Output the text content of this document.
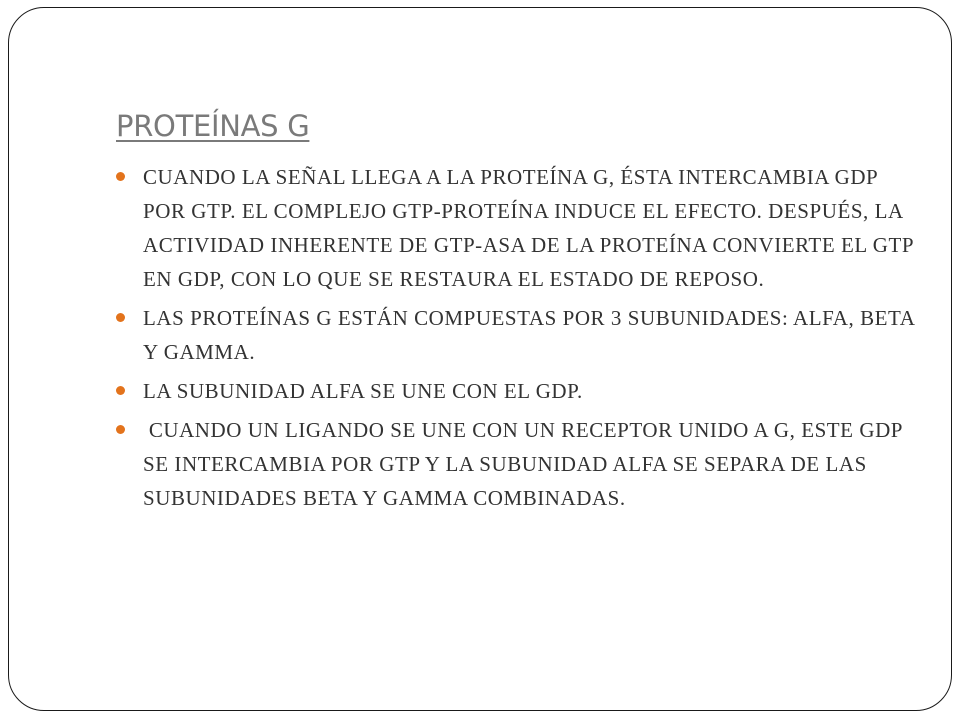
PROTEÍNAS G
CUANDO LA SEÑAL LLEGA A LA PROTEÍNA G, ÉSTA INTERCAMBIA GDP POR GTP. EL COMPLEJO GTP-PROTEÍNA INDUCE EL EFECTO. DESPUÉS, LA ACTIVIDAD INHERENTE DE GTP-ASA DE LA PROTEÍNA CONVIERTE EL GTP EN GDP, CON LO QUE SE RESTAURA EL ESTADO DE REPOSO.
LAS PROTEÍNAS G ESTÁN COMPUESTAS POR 3 SUBUNIDADES: ALFA, BETA Y GAMMA.
LA SUBUNIDAD ALFA SE UNE CON EL GDP.
CUANDO UN LIGANDO SE UNE CON UN RECEPTOR UNIDO A G, ESTE GDP SE INTERCAMBIA POR GTP Y LA SUBUNIDAD ALFA SE SEPARA DE LAS SUBUNIDADES BETA Y GAMMA COMBINADAS.
